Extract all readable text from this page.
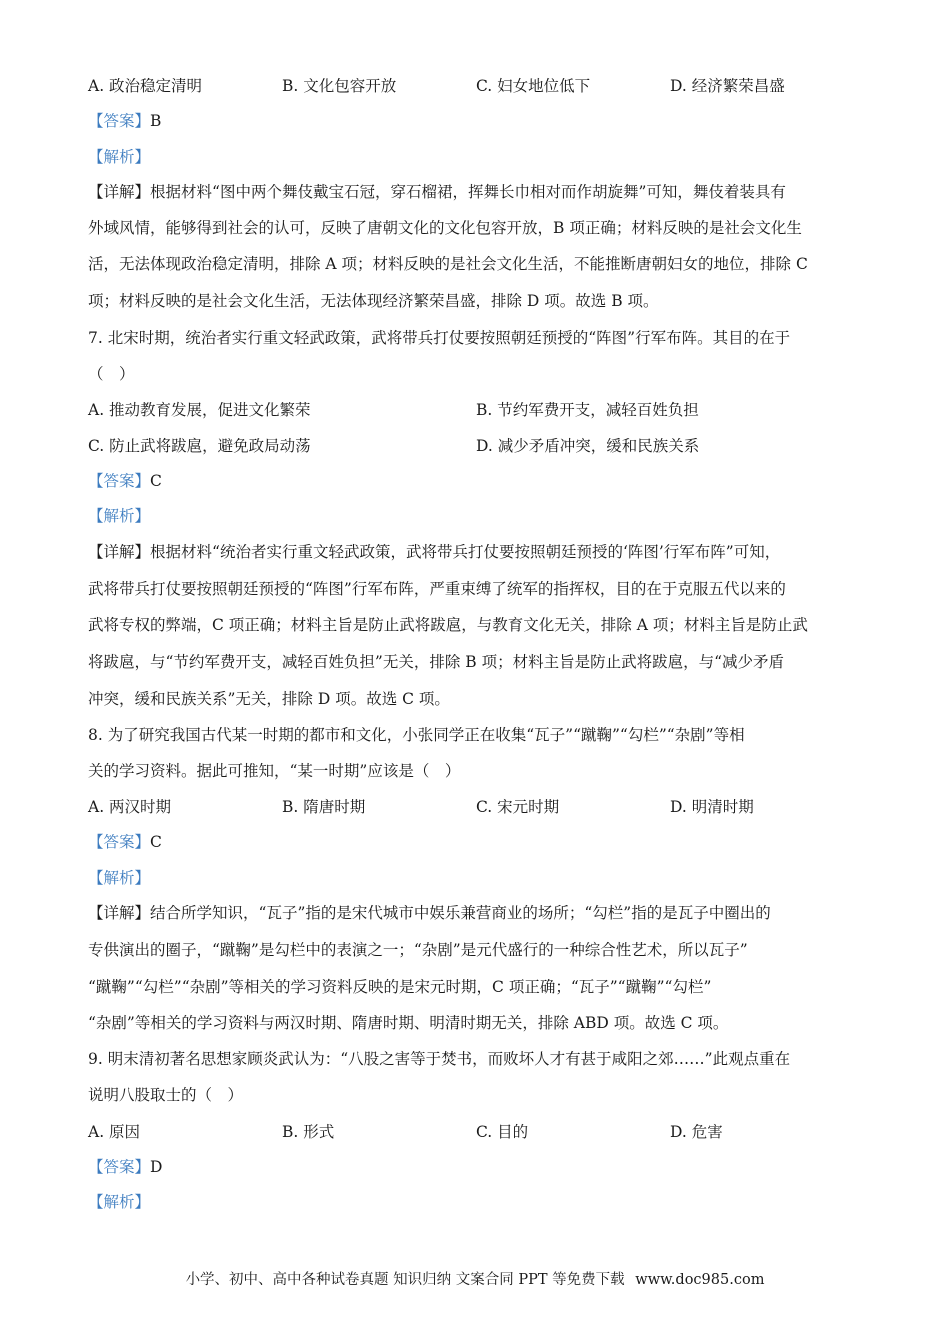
A. 政治稳定清明	B. 文化包容开放	C. 妇女地位低下	D. 经济繁荣昌盛
【答案】B
【解析】
【详解】根据材料“图中两个舞伎戴宝石冠，穿石榴裙，挥舞长巾相对而作胡旋舞”可知，舞伎着装具有
外域风情，能够得到社会的认可，反映了唐朝文化的文化包容开放，B 项正确；材料反映的是社会文化生
活，无法体现政治稳定清明，排除 A 项；材料反映的是社会文化生活，不能推断唐朝妇女的地位，排除 C
项；材料反映的是社会文化生活，无法体现经济繁荣昌盛，排除 D 项。故选 B 项。
7. 北宋时期，统治者实行重文轻武政策，武将带兵打仗要按照朝廷预授的“阵图”行军布阵。其目的在于
（　）
A. 推动教育发展，促进文化繁荣	B. 节约军费开支，减轻百姓负担
C. 防止武将跋扈，避免政局动荡	D. 减少矛盾冲突，缓和民族关系
【答案】C
【解析】
【详解】根据材料“统治者实行重文轻武政策，武将带兵打仗要按照朝廷预授的‘阵图’行军布阵”可知，
武将带兵打仗要按照朝廷预授的“阵图”行军布阵，严重束缚了统军的指挥权，目的在于克服五代以来的
武将专权的弊端，C 项正确；材料主旨是防止武将跋扈，与教育文化无关，排除 A 项；材料主旨是防止武
将跋扈，与“节约军费开支，减轻百姓负担”无关，排除 B 项；材料主旨是防止武将跋扈，与“减少矛盾
冲突，缓和民族关系”无关，排除 D 项。故选 C 项。
8. 为了研究我国古代某一时期的都市和文化，小张同学正在收集“瓦子”“蹴鞠”“勾栏”“杂剧”等相
关的学习资料。据此可推知，“某一时期”应该是（　）
A. 两汉时期	B. 隋唐时期	C. 宋元时期	D. 明清时期
【答案】C
【解析】
【详解】结合所学知识，“瓦子”指的是宋代城市中娱乐兼营商业的场所；“勾栏”指的是瓦子中圈出的
专供演出的圈子，“蹴鞠”是勾栏中的表演之一；“杂剧”是元代盛行的一种综合性艺术，所以瓦子”
“蹴鞠”“勾栏”“杂剧”等相关的学习资料反映的是宋元时期，C 项正确；“瓦子”“蹴鞠”“勾栏”
“杂剧”等相关的学习资料与两汉时期、隋唐时期、明清时期无关，排除 ABD 项。故选 C 项。
9. 明末清初著名思想家顾炎武认为：“八股之害等于焚书，而败坏人才有甚于咸阳之郊……”此观点重在
说明八股取士的（　）
A. 原因	B. 形式	C. 目的	D. 危害
【答案】D
【解析】
小学、初中、高中各种试卷真题 知识归纳 文案合同 PPT 等免费下载 www.doc985.com
